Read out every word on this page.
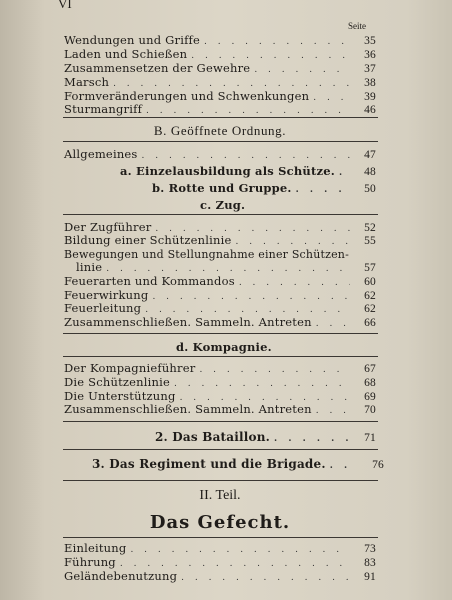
VI
Seite
Wendungen und Griffe . . .	35
Laden und Schießen . . .	36
Zusammensetzen der Gewehre . . .	37
Marsch . . .	38
Formveränderungen und Schwenkungen . . .	39
Sturmangriff . . .	46
B. Geöffnete Ordnung.
Allgemeines . . .	47
a. Einzelausbildung als Schütze. . . .	48
b. Rotte und Gruppe. . . .	50
c. Zug.
Der Zugführer . . .	52
Bildung einer Schützenlinie . . .	55
Bewegungen und Stellungnahme einer Schützen-
linie . . .	57
Feuerarten und Kommandos . . .	60
Feuerwirkung . . .	62
Feuerleitung . . .	62
Zusammenschließen. Sammeln. Antreten . . .	66
d. Kompagnie.
Der Kompagnieführer . . .	67
Die Schützenlinie . . .	68
Die Unterstützung . . .	69
Zusammenschließen. Sammeln. Antreten . . .	70
2. Das Bataillon. . . .	71
3. Das Regiment und die Brigade. . . .	76
II. Teil.
Das Gefecht.
Einleitung . . .	73
Führung . . .	83
Geländebenutzung . . .	91
